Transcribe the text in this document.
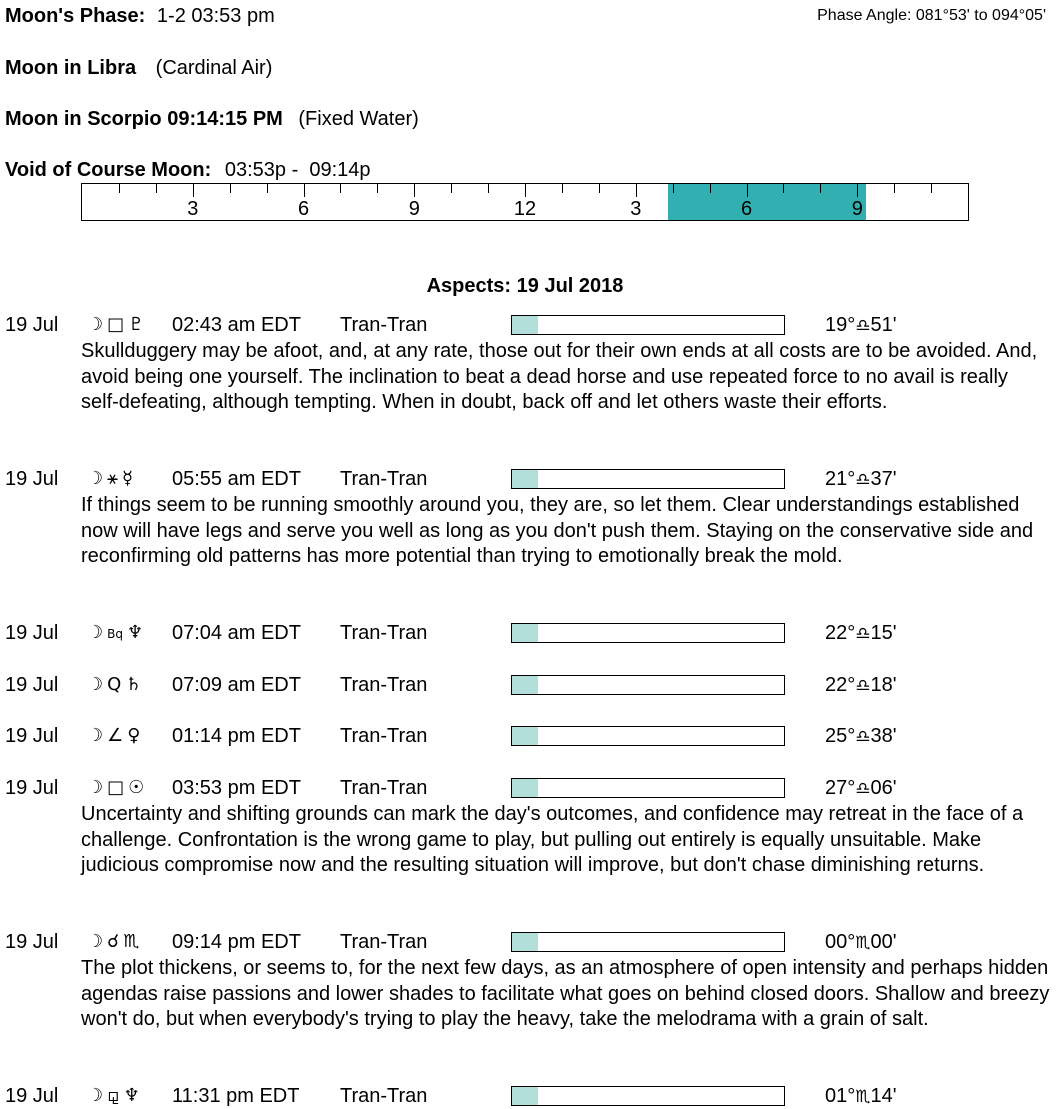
Moon's Phase: 1-2 03:53 pm	Phase Angle: 081°53' to 094°05'
Moon in Libra (Cardinal Air)
Moon in Scorpio 09:14:15 PM (Fixed Water)
Void of Course Moon: 03:53p -  09:14p
3	6	9	12	3	6	9
Aspects: 19 Jul 2018
19 Jul ☽ □ ♇ 02:43 am EDT Tran-Tran	19°♎51'
Skullduggery may be afoot, and, at any rate, those out for their own ends at all costs are to be avoided. And, avoid being one yourself. The inclination to beat a dead horse and use repeated force to no avail is really self-defeating, although tempting. When in doubt, back off and let others waste their efforts.
19 Jul ☽ ⚹ ☿ 05:55 am EDT Tran-Tran	21°♎37'
If things seem to be running smoothly around you, they are, so let them. Clear understandings established now will have legs and serve you well as long as you don't push them. Staying on the conservative side and reconfirming old patterns has more potential than trying to emotionally break the mold.
19 Jul ☽ Bq ♆ 07:04 am EDT Tran-Tran	22°♎15'
19 Jul ☽ Q ♄ 07:09 am EDT Tran-Tran	22°♎18'
19 Jul ☽ ∠ ♀ 01:14 pm EDT Tran-Tran	25°♎38'
19 Jul ☽ □ ☉ 03:53 pm EDT Tran-Tran	27°♎06'
Uncertainty and shifting grounds can mark the day's outcomes, and confidence may retreat in the face of a challenge. Confrontation is the wrong game to play, but pulling out entirely is equally unsuitable. Make judicious compromise now and the resulting situation will improve, but don't chase diminishing returns.
19 Jul ☽ ☌ ♏ 09:14 pm EDT Tran-Tran	00°♏00'
The plot thickens, or seems to, for the next few days, as an atmosphere of open intensity and perhaps hidden agendas raise passions and lower shades to facilitate what goes on behind closed doors. Shallow and breezy won't do, but when everybody's trying to play the heavy, take the melodrama with a grain of salt.
19 Jul ☽ ⚼ ♆ 11:31 pm EDT Tran-Tran	01°♏14'
